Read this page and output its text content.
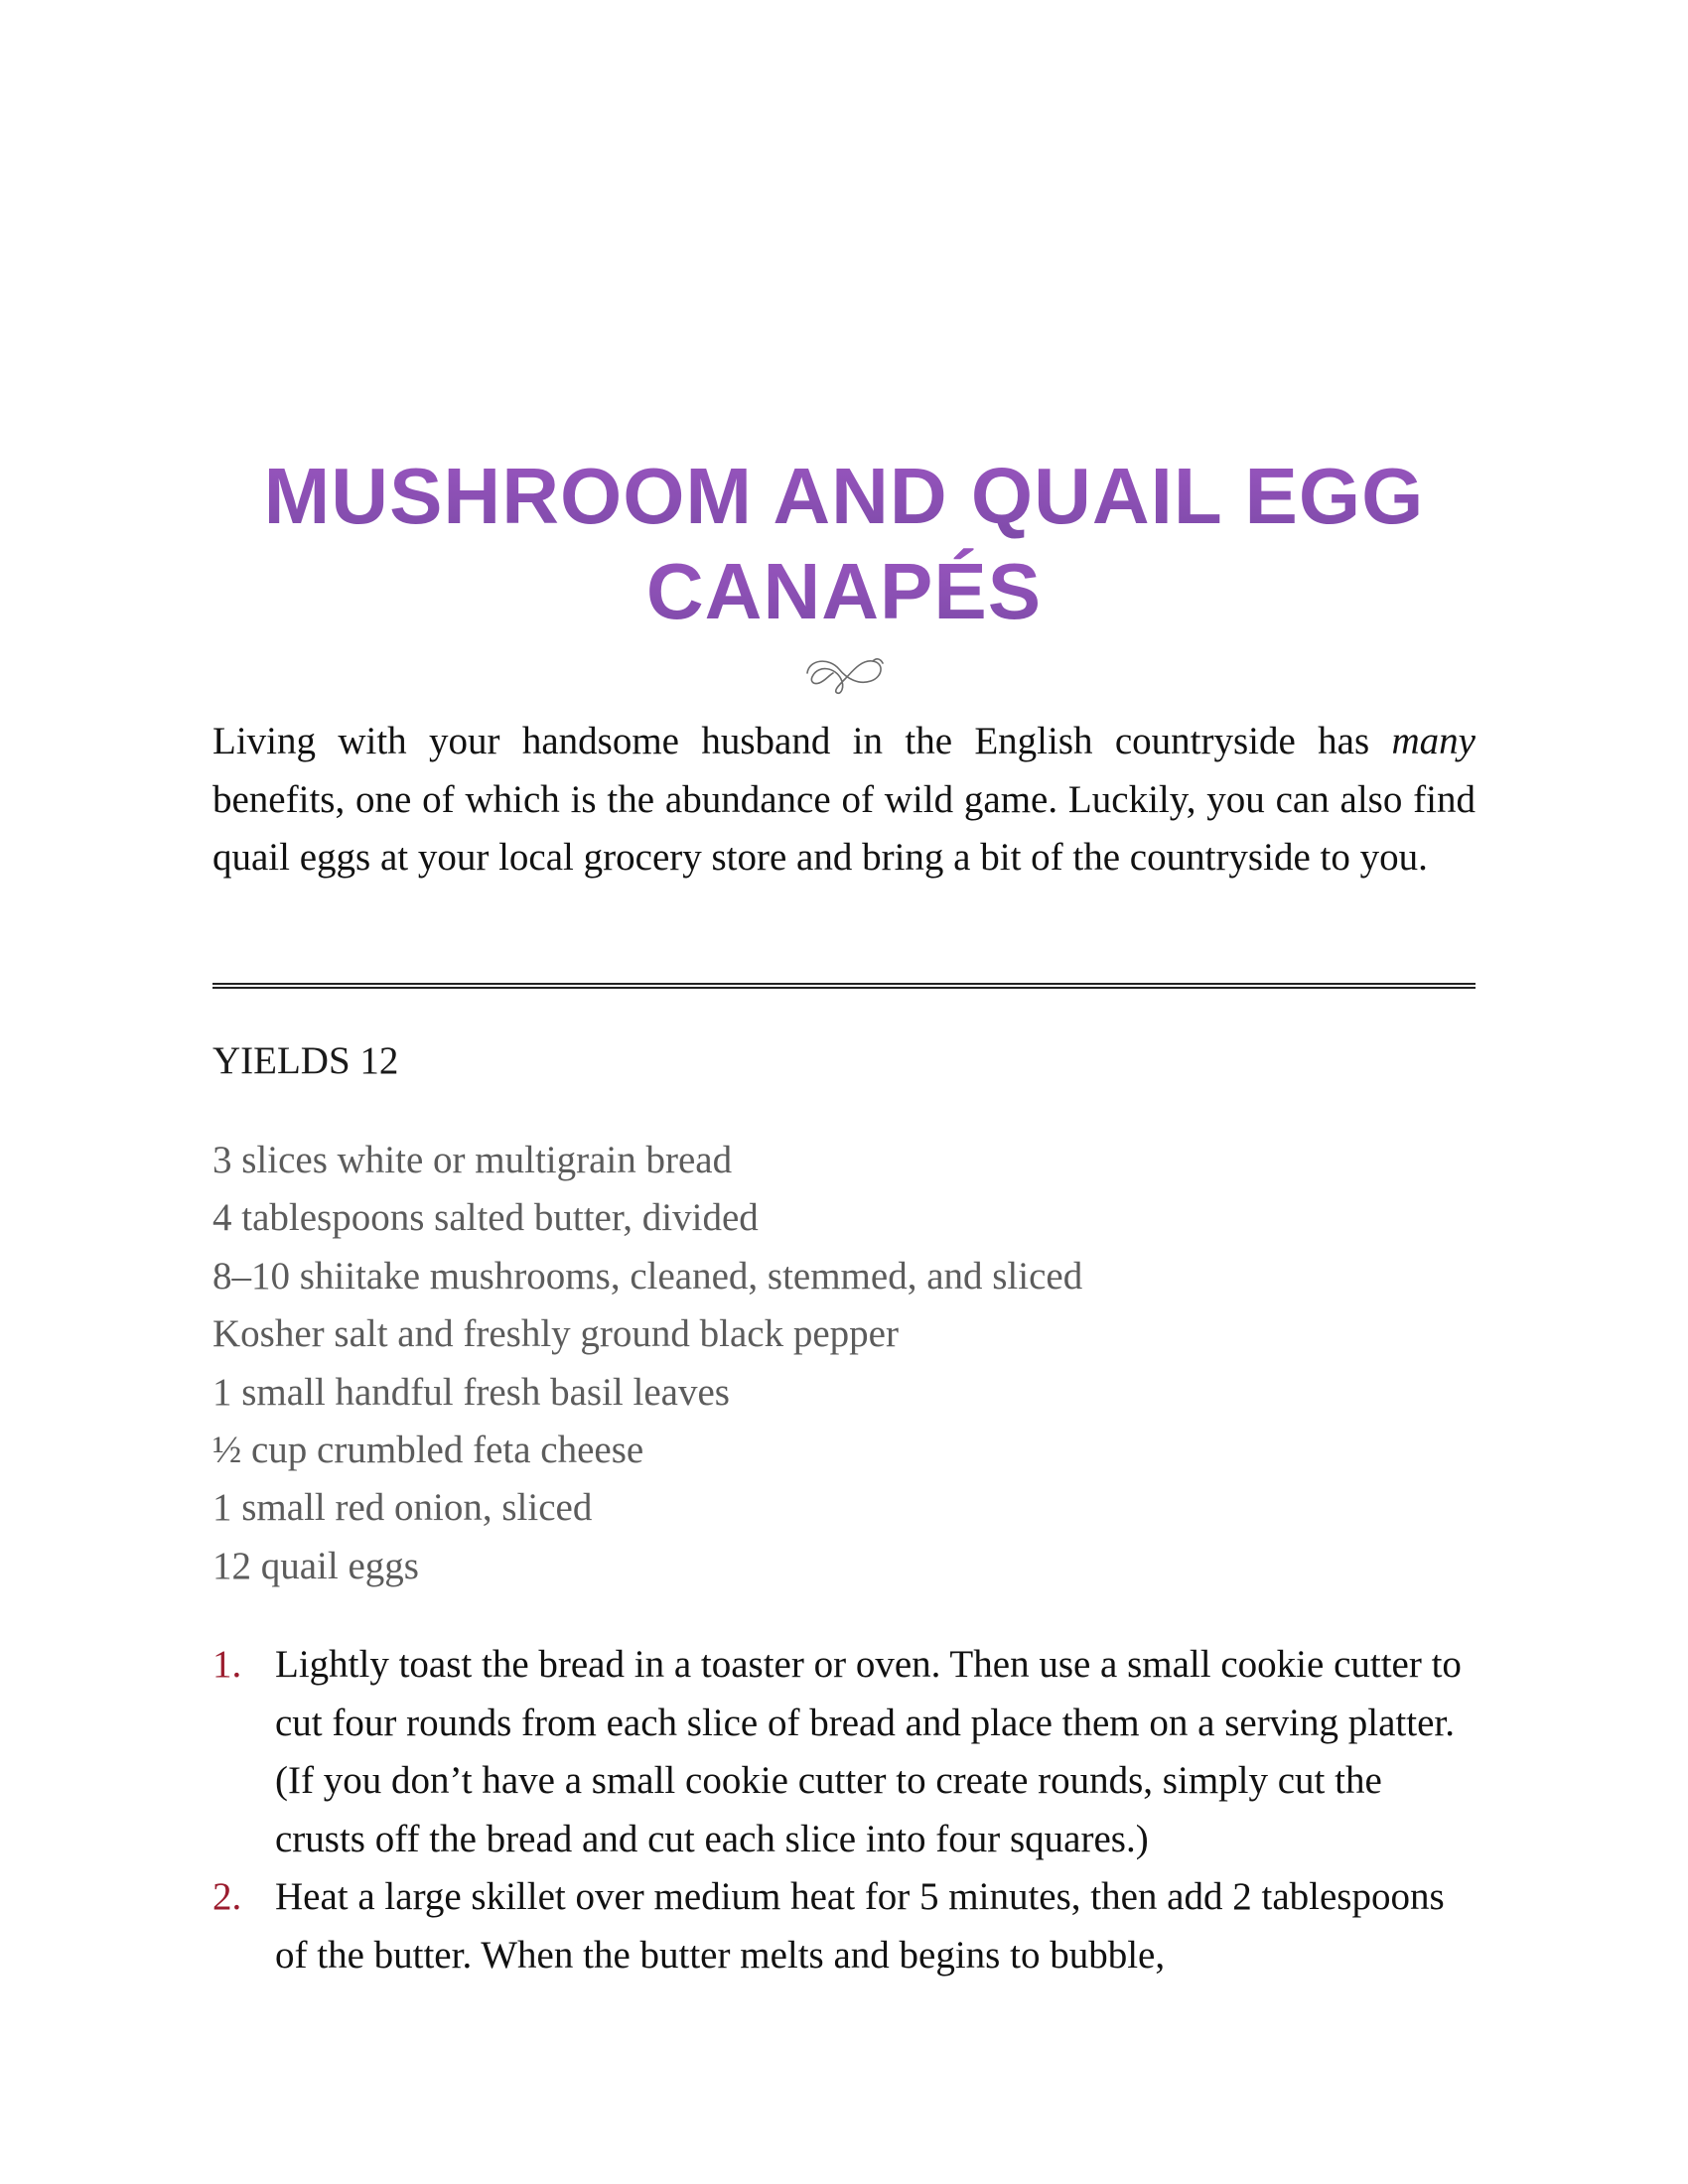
MUSHROOM AND QUAIL EGG
CANAPÉS

Living with your handsome husband in the English countryside has many benefits, one of which is the abundance of wild game. Luckily, you can also find quail eggs at your local grocery store and bring a bit of the countryside to you.

YIELDS 12

3 slices white or multigrain bread
4 tablespoons salted butter, divided
8–10 shiitake mushrooms, cleaned, stemmed, and sliced
Kosher salt and freshly ground black pepper
1 small handful fresh basil leaves
½ cup crumbled feta cheese
1 small red onion, sliced
12 quail eggs
1. Lightly toast the bread in a toaster or oven. Then use a small cookie cutter to cut four rounds from each slice of bread and place them on a serving platter. (If you don’t have a small cookie cutter to create rounds, simply cut the crusts off the bread and cut each slice into four squares.)
2. Heat a large skillet over medium heat for 5 minutes, then add 2 tablespoons of the butter. When the butter melts and begins to bubble,
